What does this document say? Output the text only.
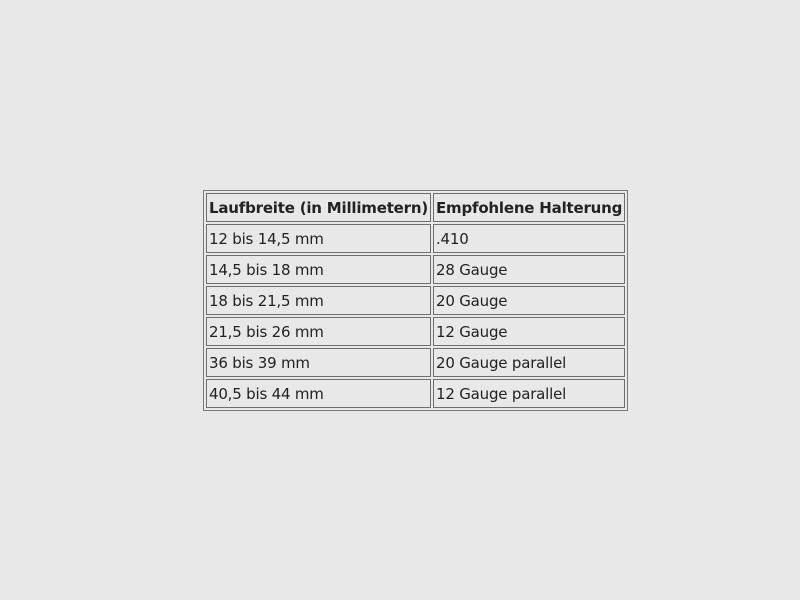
Laufbreite (in Millimetern)	Empfohlene Halterung
12 bis 14,5 mm	.410
14,5 bis 18 mm	28 Gauge
18 bis 21,5 mm	20 Gauge
21,5 bis 26 mm	12 Gauge
36 bis 39 mm	20 Gauge parallel
40,5 bis 44 mm	12 Gauge parallel
